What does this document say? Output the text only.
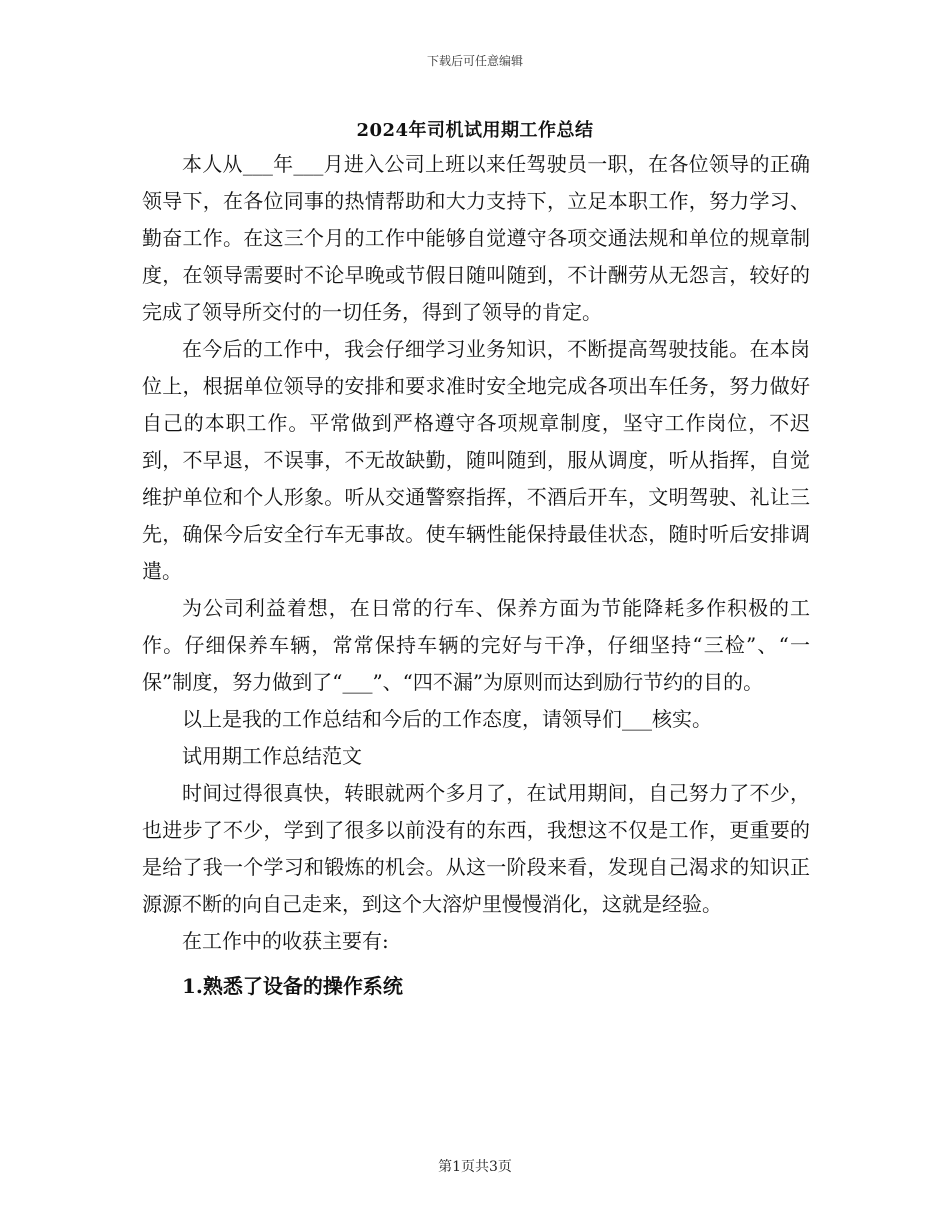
下载后可任意编辑
2024年司机试用期工作总结

本人从___年___月进入公司上班以来任驾驶员一职，在各位领导的正确领导下，在各位同事的热情帮助和大力支持下，立足本职工作，努力学习、勤奋工作。在这三个月的工作中能够自觉遵守各项交通法规和单位的规章制度，在领导需要时不论早晚或节假日随叫随到，不计酬劳从无怨言，较好的完成了领导所交付的一切任务，得到了领导的肯定。

在今后的工作中，我会仔细学习业务知识，不断提高驾驶技能。在本岗位上，根据单位领导的安排和要求准时安全地完成各项出车任务，努力做好自己的本职工作。平常做到严格遵守各项规章制度，坚守工作岗位，不迟到，不早退，不误事，不无故缺勤，随叫随到，服从调度，听从指挥，自觉维护单位和个人形象。听从交通警察指挥，不酒后开车，文明驾驶、礼让三先，确保今后安全行车无事故。使车辆性能保持最佳状态，随时听后安排调遣。

为公司利益着想，在日常的行车、保养方面为节能降耗多作积极的工作。仔细保养车辆，常常保持车辆的完好与干净，仔细坚持“三检”、“一保”制度，努力做到了“___”、“四不漏”为原则而达到励行节约的目的。

以上是我的工作总结和今后的工作态度，请领导们___核实。

试用期工作总结范文

时间过得很真快，转眼就两个多月了，在试用期间，自己努力了不少，也进步了不少，学到了很多以前没有的东西，我想这不仅是工作，更重要的是给了我一个学习和锻炼的机会。从这一阶段来看，发现自己渴求的知识正源源不断的向自己走来，到这个大溶炉里慢慢消化，这就是经验。

在工作中的收获主要有:

1.熟悉了设备的操作系统

第1页共3页
